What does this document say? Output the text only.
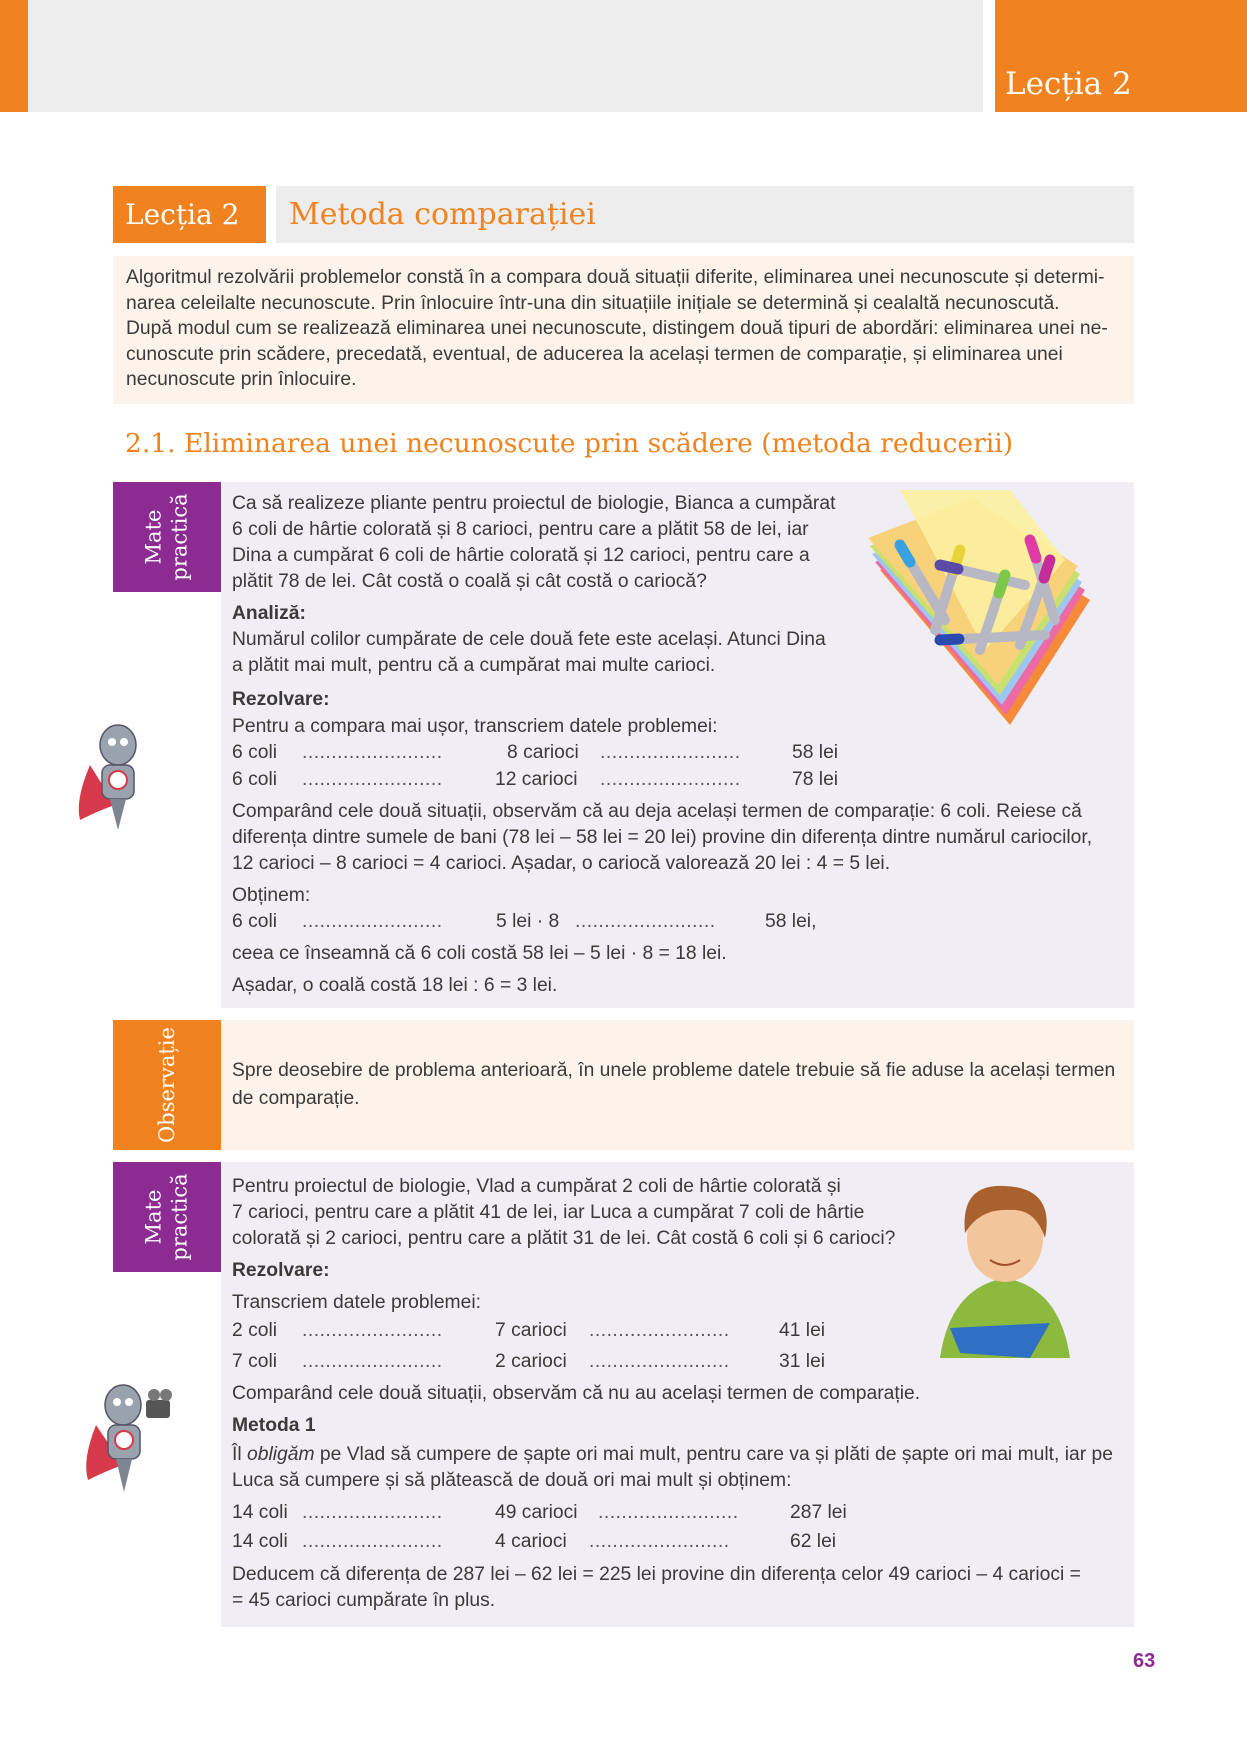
Lecția 2
Lecția 2	Metoda comparației

Algoritmul rezolvării problemelor constă în a compara două situații diferite, eliminarea unei necunoscute și determi-

narea celeilalte necunoscute. Prin înlocuire într-una din situațiile inițiale se determină și cealaltă necunoscută.

După modul cum se realizează eliminarea unei necunoscute, distingem două tipuri de abordări: eliminarea unei ne-

cunoscute prin scădere, precedată, eventual, de aducerea la același termen de comparație, și eliminarea unei

necunoscute prin înlocuire.

2.1. Eliminarea unei necunoscute prin scădere (metoda reducerii)
Mate practică Ca să realizeze pliante pentru proiectul de biologie, Bianca a cumpărat
6 coli de hârtie colorată și 8 carioci, pentru care a plătit 58 de lei, iar
Dina a cumpărat 6 coli de hârtie colorată și 12 carioci, pentru care a
plătit 78 de lei. Cât costă o coală și cât costă o cariocă?
Analiză:
Numărul colilor cumpărate de cele două fete este același. Atunci Dina
a plătit mai mult, pentru că a cumpărat mai multe carioci.
Rezolvare:
Pentru a compara mai ușor, transcriem datele problemei:
6 coli ........................	8 carioci ........................	58 lei
6 coli ........................	12 carioci ........................	78 lei
Comparând cele două situații, observăm că au deja același termen de comparație: 6 coli. Reiese că
diferența dintre sumele de bani (78 lei – 58 lei = 20 lei) provine din diferența dintre numărul cariocilor,
12 carioci – 8 carioci = 4 carioci. Așadar, o cariocă valorează 20 lei : 4 = 5 lei.
Obținem:
6 coli ........................	5 lei · 8 ........................	58 lei,
ceea ce înseamnă că 6 coli costă 58 lei – 5 lei · 8 = 18 lei.
Așadar, o coală costă 18 lei : 6 = 3 lei.
Observație	Spre deosebire de problema anterioară, în unele probleme datele trebuie să fie aduse la același termen
de comparație.
Mate practică Pentru proiectul de biologie, Vlad a cumpărat 2 coli de hârtie colorată și
7 carioci, pentru care a plătit 41 de lei, iar Luca a cumpărat 7 coli de hârtie
colorată și 2 carioci, pentru care a plătit 31 de lei. Cât costă 6 coli și 6 carioci?
Rezolvare:
Transcriem datele problemei:
2 coli ........................	7 carioci ........................	41 lei
7 coli ........................	2 carioci ........................	31 lei
Comparând cele două situații, observăm că nu au același termen de comparație.
Metoda 1
Îl obligăm pe Vlad să cumpere de șapte ori mai mult, pentru care va și plăti de șapte ori mai mult, iar pe
Luca să cumpere și să plătească de două ori mai mult și obținem:
14 coli ........................	49 carioci ........................	287 lei
14 coli ........................	4 carioci ........................	62 lei
Deducem că diferența de 287 lei – 62 lei = 225 lei provine din diferența celor 49 carioci – 4 carioci =
= 45 carioci cumpărate în plus.
63
